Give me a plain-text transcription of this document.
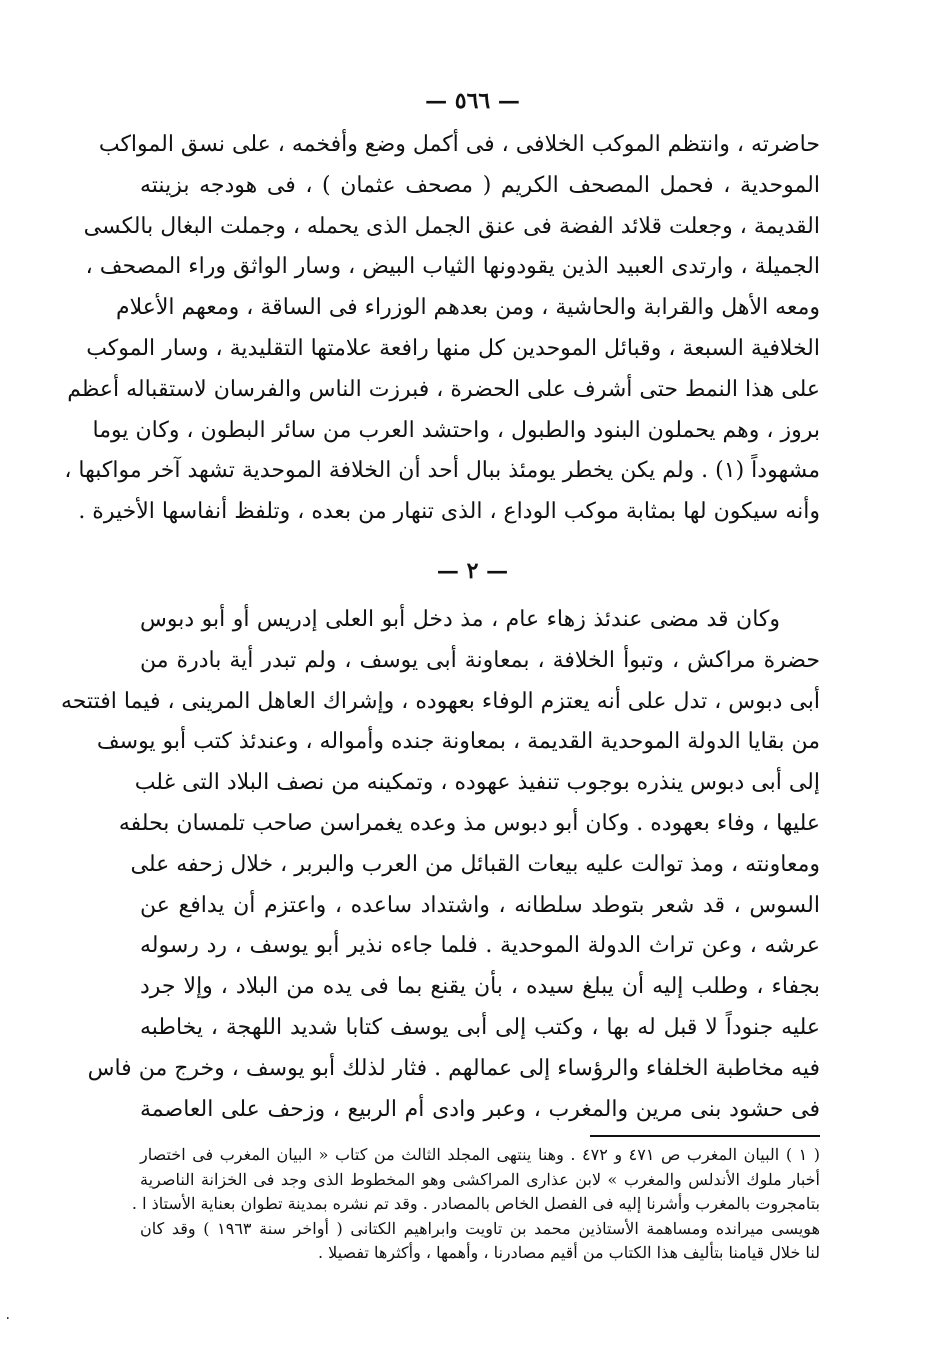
— ٥٦٦ —
حاضرته ، وانتظم الموكب الخلافى ، فى أكمل وضع وأفخمه ، على نسق المواكب
الموحدية ، فحمل المصحف الكريم ( مصحف عثمان ) ، فى هودجه بزينته
القديمة ، وجعلت قلائد الفضة فى عنق الجمل الذى يحمله ، وجملت البغال بالكسى
الجميلة ، وارتدى العبيد الذين يقودونها الثياب البيض ، وسار الواثق وراء المصحف ،
ومعه الأهل والقرابة والحاشية ، ومن بعدهم الوزراء فى الساقة ، ومعهم الأعلام
الخلافية السبعة ، وقبائل الموحدين كل منها رافعة علامتها التقليدية ، وسار الموكب
على هذا النمط حتى أشرف على الحضرة ، فبرزت الناس والفرسان لاستقباله أعظم
بروز ، وهم يحملون البنود والطبول ، واحتشد العرب من سائر البطون ، وكان يوما
مشهوداً (١) . ولم يكن يخطر يومئذ ببال أحد أن الخلافة الموحدية تشهد آخر مواكبها ،
وأنه سيكون لها بمثابة موكب الوداع ، الذى تنهار من بعده ، وتلفظ أنفاسها الأخيرة .
— ٢ —
وكان قد مضى عندئذ زهاء عام ، مذ دخل أبو العلى إدريس أو أبو دبوس
حضرة مراكش ، وتبوأ الخلافة ، بمعاونة أبى يوسف ، ولم تبدر أية بادرة من
أبى دبوس ، تدل على أنه يعتزم الوفاء بعهوده ، وإشراك العاهل المرينى ، فيما افتتحه
من بقايا الدولة الموحدية القديمة ، بمعاونة جنده وأمواله ، وعندئذ كتب أبو يوسف
إلى أبى دبوس ينذره بوجوب تنفيذ عهوده ، وتمكينه من نصف البلاد التى غلب
عليها ، وفاء بعهوده . وكان أبو دبوس مذ وعده يغمراسن صاحب تلمسان بحلفه
ومعاونته ، ومذ توالت عليه بيعات القبائل من العرب والبربر ، خلال زحفه على
السوس ، قد شعر بتوطد سلطانه ، واشتداد ساعده ، واعتزم أن يدافع عن
عرشه ، وعن تراث الدولة الموحدية . فلما جاءه نذير أبو يوسف ، رد رسوله
بجفاء ، وطلب إليه أن يبلغ سيده ، بأن يقنع بما فى يده من البلاد ، وإلا جرد
عليه جنوداً لا قبل له بها ، وكتب إلى أبى يوسف كتابا شديد اللهجة ، يخاطبه
فيه مخاطبة الخلفاء والرؤساء إلى عمالهم . فثار لذلك أبو يوسف ، وخرج من فاس
فى حشود بنى مرين والمغرب ، وعبر وادى أم الربيع ، وزحف على العاصمة
( ١ ) البيان المغرب ص ٤٧١ و ٤٧٢ . وهنا ينتهى المجلد الثالث من كتاب « البيان المغرب فى اختصار
أخبار ملوك الأندلس والمغرب » لابن عذارى المراكشى وهو المخطوط الذى وجد فى الخزانة الناصرية
بتامجروت بالمغرب وأشرنا إليه فى الفصل الخاص بالمصادر . وقد تم نشره بمدينة تطوان بعناية الأستاذ ا .
هويسى ميرانده ومساهمة الأستاذين محمد بن تاويت وابراهيم الكتانى ( أواخر سنة ١٩٦٣ ) وقد كان
لنا خلال قيامنا بتأليف هذا الكتاب من أقيم مصادرنا ، وأهمها ، وأكثرها تفصيلا .
٠
